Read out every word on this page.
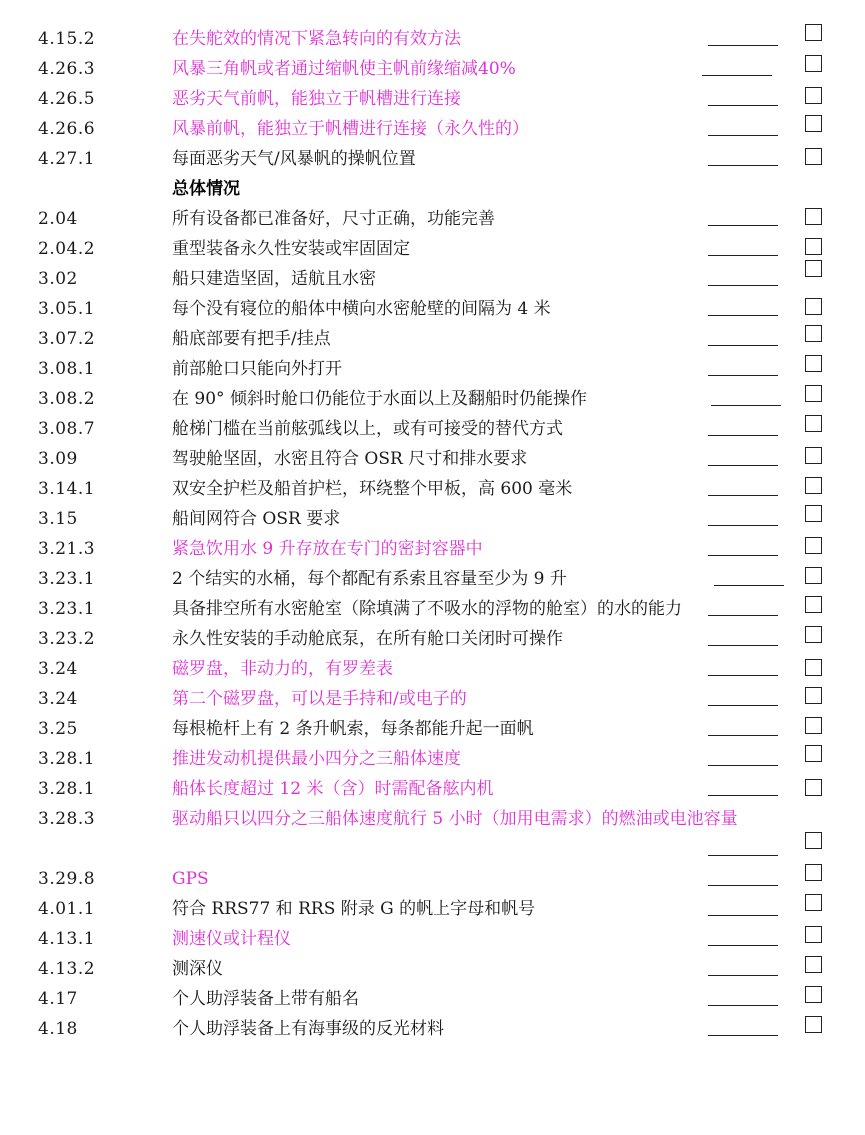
4.15.2	在失舵效的情况下紧急转向的有效方法
4.26.3	风暴三角帆或者通过缩帆使主帆前缘缩减40%
4.26.5	恶劣天气前帆，能独立于帆槽进行连接
4.26.6	风暴前帆，能独立于帆槽进行连接（永久性的）
4.27.1	每面恶劣天气/风暴帆的操帆位置
总体情况
2.04	所有设备都已准备好，尺寸正确，功能完善
2.04.2	重型装备永久性安装或牢固固定
3.02	船只建造坚固，适航且水密
3.05.1	每个没有寝位的船体中横向水密舱壁的间隔为 4 米
3.07.2	船底部要有把手/挂点
3.08.1	前部舱口只能向外打开
3.08.2	在 90° 倾斜时舱口仍能位于水面以上及翻船时仍能操作
3.08.7	舱梯门槛在当前舷弧线以上，或有可接受的替代方式
3.09	驾驶舱坚固，水密且符合 OSR 尺寸和排水要求
3.14.1	双安全护栏及船首护栏，环绕整个甲板，高 600 毫米
3.15	船间网符合 OSR 要求
3.21.3	紧急饮用水 9 升存放在专门的密封容器中
3.23.1	2 个结实的水桶，每个都配有系索且容量至少为 9 升
3.23.1	具备排空所有水密舱室（除填满了不吸水的浮物的舱室）的水的能力
3.23.2	永久性安装的手动舱底泵，在所有舱口关闭时可操作
3.24	磁罗盘，非动力的，有罗差表
3.24	第二个磁罗盘，可以是手持和/或电子的
3.25	每根桅杆上有 2 条升帆索，每条都能升起一面帆
3.28.1	推进发动机提供最小四分之三船体速度
3.28.1	船体长度超过 12 米（含）时需配备舷内机
3.28.3	驱动船只以四分之三船体速度航行 5 小时（加用电需求）的燃油或电池容量
3.29.8	GPS
4.01.1	符合 RRS77 和 RRS 附录 G 的帆上字母和帆号
4.13.1	测速仪或计程仪
4.13.2	测深仪
4.17	个人助浮装备上带有船名
4.18	个人助浮装备上有海事级的反光材料
